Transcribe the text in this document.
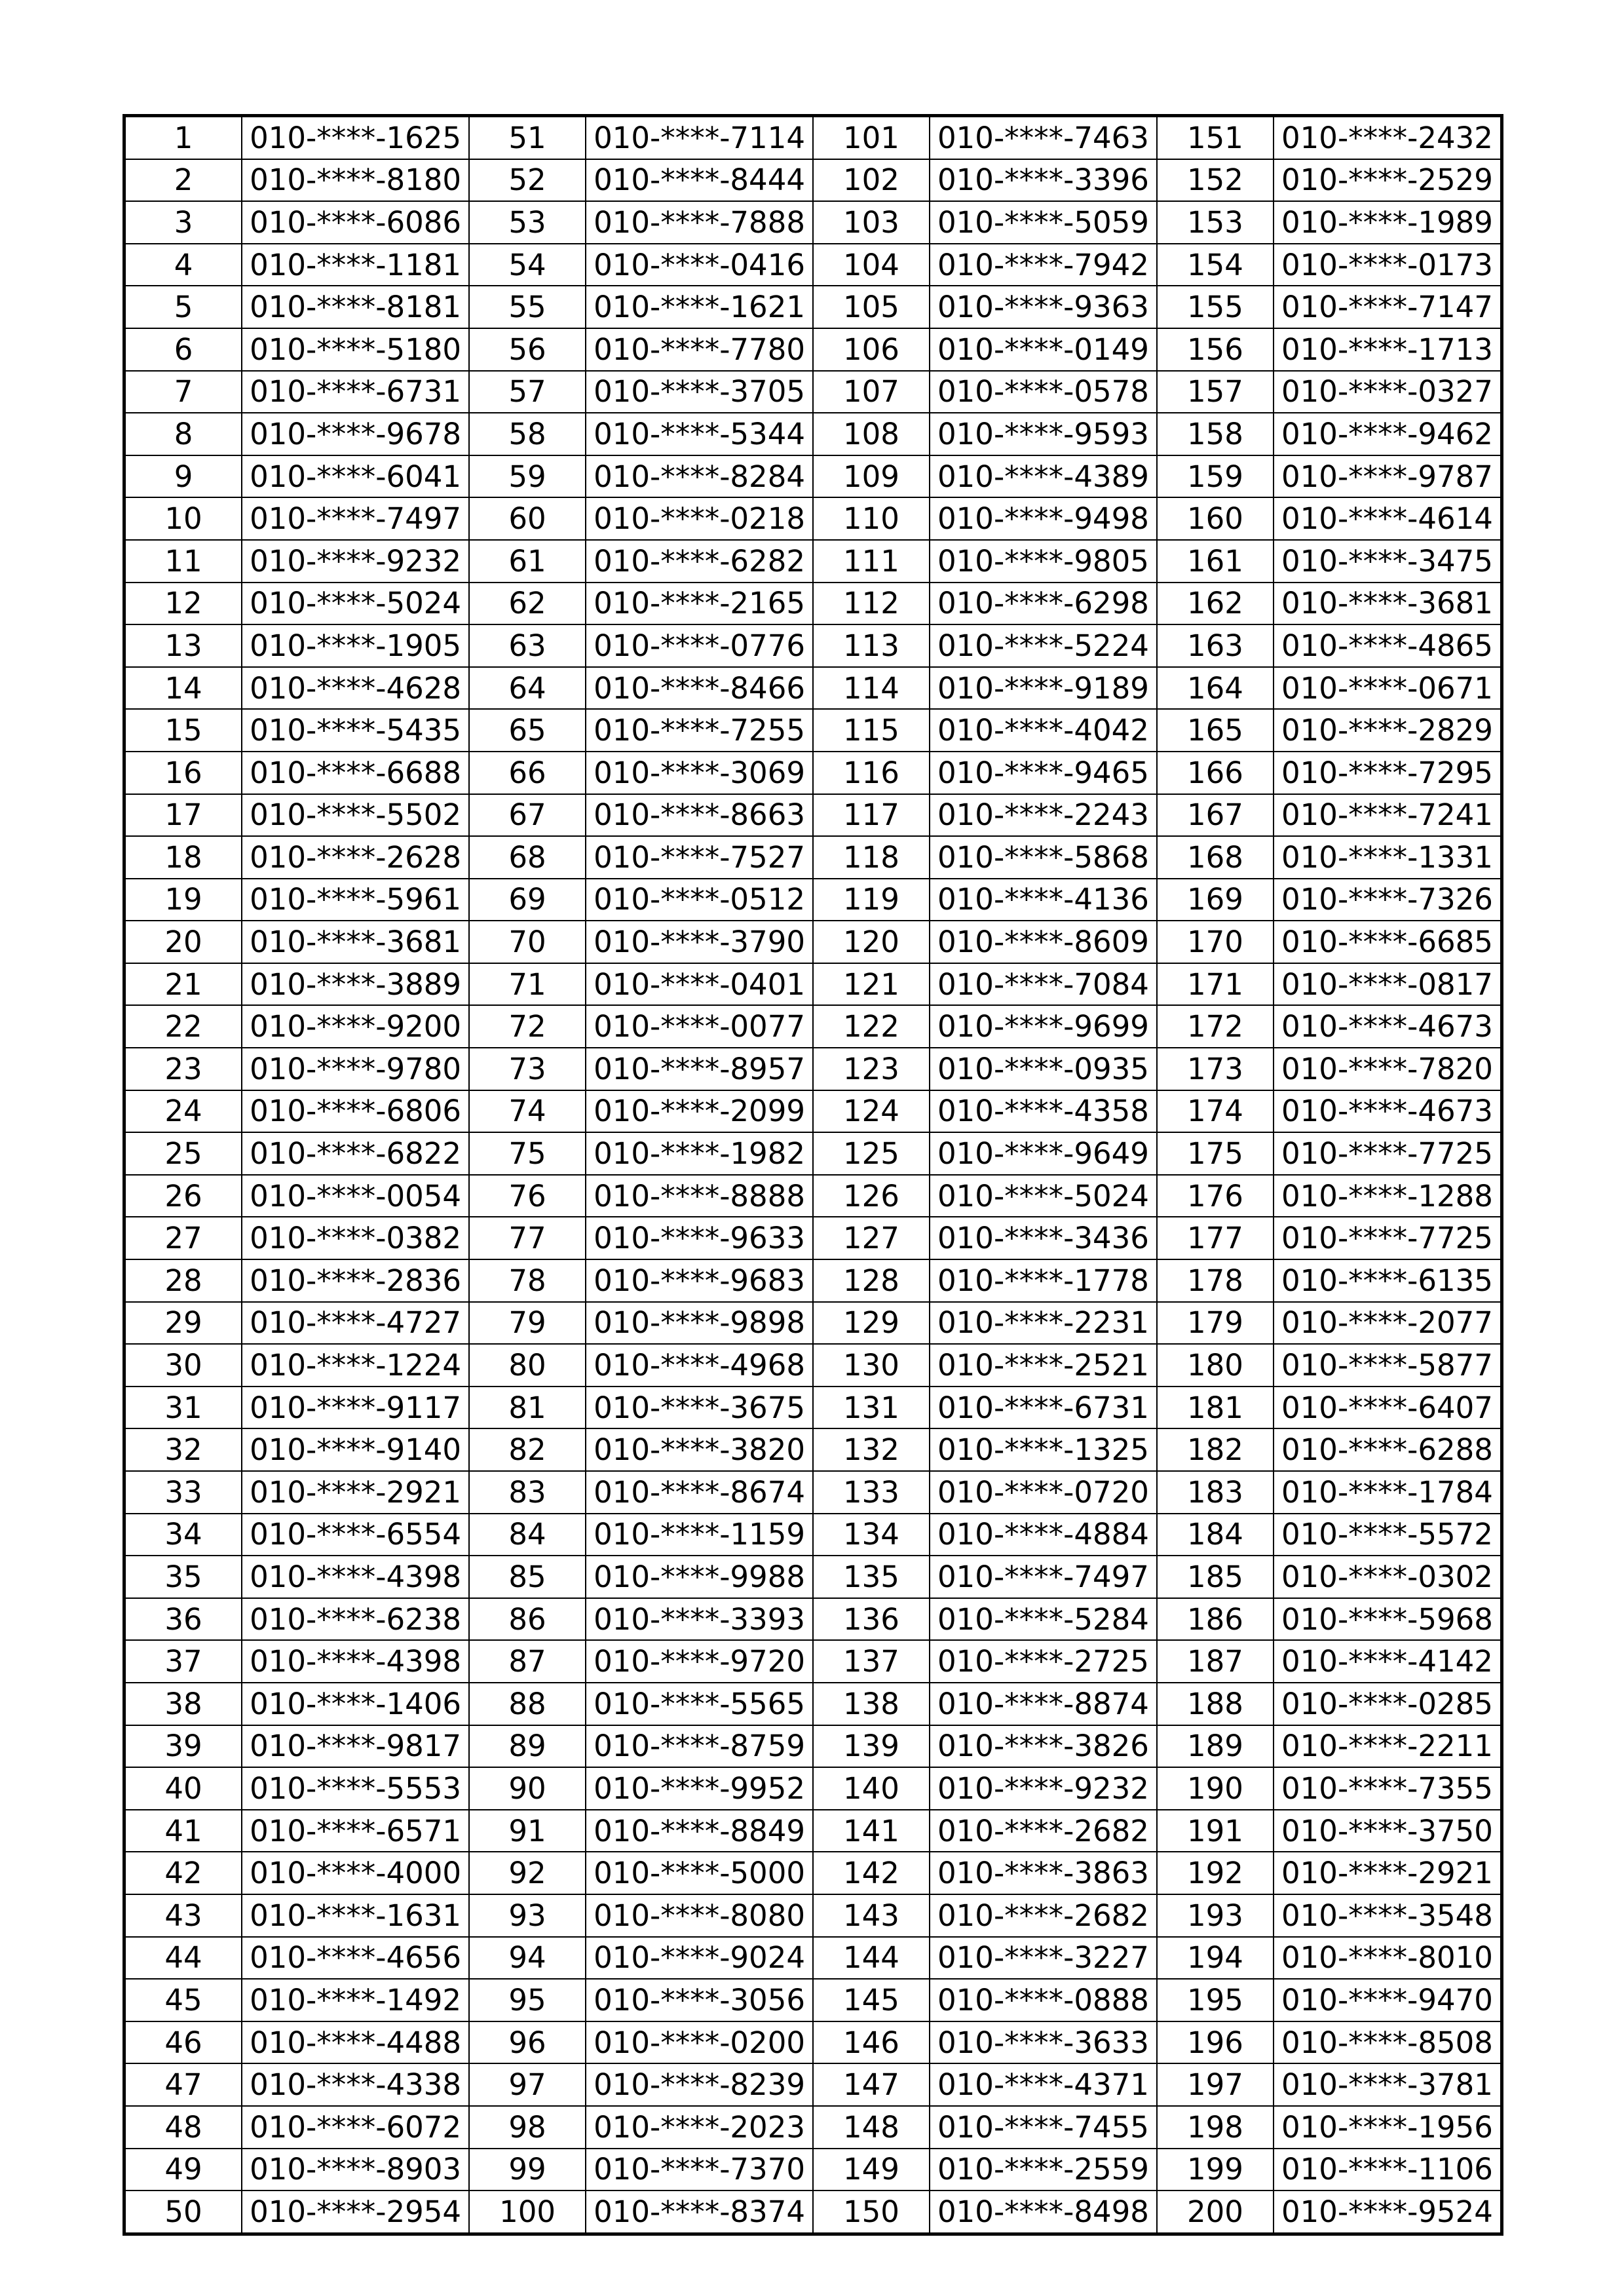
1	010-****-1625	51	010-****-7114	101	010-****-7463	151	010-****-2432
2	010-****-8180	52	010-****-8444	102	010-****-3396	152	010-****-2529
3	010-****-6086	53	010-****-7888	103	010-****-5059	153	010-****-1989
4	010-****-1181	54	010-****-0416	104	010-****-7942	154	010-****-0173
5	010-****-8181	55	010-****-1621	105	010-****-9363	155	010-****-7147
6	010-****-5180	56	010-****-7780	106	010-****-0149	156	010-****-1713
7	010-****-6731	57	010-****-3705	107	010-****-0578	157	010-****-0327
8	010-****-9678	58	010-****-5344	108	010-****-9593	158	010-****-9462
9	010-****-6041	59	010-****-8284	109	010-****-4389	159	010-****-9787
10	010-****-7497	60	010-****-0218	110	010-****-9498	160	010-****-4614
11	010-****-9232	61	010-****-6282	111	010-****-9805	161	010-****-3475
12	010-****-5024	62	010-****-2165	112	010-****-6298	162	010-****-3681
13	010-****-1905	63	010-****-0776	113	010-****-5224	163	010-****-4865
14	010-****-4628	64	010-****-8466	114	010-****-9189	164	010-****-0671
15	010-****-5435	65	010-****-7255	115	010-****-4042	165	010-****-2829
16	010-****-6688	66	010-****-3069	116	010-****-9465	166	010-****-7295
17	010-****-5502	67	010-****-8663	117	010-****-2243	167	010-****-7241
18	010-****-2628	68	010-****-7527	118	010-****-5868	168	010-****-1331
19	010-****-5961	69	010-****-0512	119	010-****-4136	169	010-****-7326
20	010-****-3681	70	010-****-3790	120	010-****-8609	170	010-****-6685
21	010-****-3889	71	010-****-0401	121	010-****-7084	171	010-****-0817
22	010-****-9200	72	010-****-0077	122	010-****-9699	172	010-****-4673
23	010-****-9780	73	010-****-8957	123	010-****-0935	173	010-****-7820
24	010-****-6806	74	010-****-2099	124	010-****-4358	174	010-****-4673
25	010-****-6822	75	010-****-1982	125	010-****-9649	175	010-****-7725
26	010-****-0054	76	010-****-8888	126	010-****-5024	176	010-****-1288
27	010-****-0382	77	010-****-9633	127	010-****-3436	177	010-****-7725
28	010-****-2836	78	010-****-9683	128	010-****-1778	178	010-****-6135
29	010-****-4727	79	010-****-9898	129	010-****-2231	179	010-****-2077
30	010-****-1224	80	010-****-4968	130	010-****-2521	180	010-****-5877
31	010-****-9117	81	010-****-3675	131	010-****-6731	181	010-****-6407
32	010-****-9140	82	010-****-3820	132	010-****-1325	182	010-****-6288
33	010-****-2921	83	010-****-8674	133	010-****-0720	183	010-****-1784
34	010-****-6554	84	010-****-1159	134	010-****-4884	184	010-****-5572
35	010-****-4398	85	010-****-9988	135	010-****-7497	185	010-****-0302
36	010-****-6238	86	010-****-3393	136	010-****-5284	186	010-****-5968
37	010-****-4398	87	010-****-9720	137	010-****-2725	187	010-****-4142
38	010-****-1406	88	010-****-5565	138	010-****-8874	188	010-****-0285
39	010-****-9817	89	010-****-8759	139	010-****-3826	189	010-****-2211
40	010-****-5553	90	010-****-9952	140	010-****-9232	190	010-****-7355
41	010-****-6571	91	010-****-8849	141	010-****-2682	191	010-****-3750
42	010-****-4000	92	010-****-5000	142	010-****-3863	192	010-****-2921
43	010-****-1631	93	010-****-8080	143	010-****-2682	193	010-****-3548
44	010-****-4656	94	010-****-9024	144	010-****-3227	194	010-****-8010
45	010-****-1492	95	010-****-3056	145	010-****-0888	195	010-****-9470
46	010-****-4488	96	010-****-0200	146	010-****-3633	196	010-****-8508
47	010-****-4338	97	010-****-8239	147	010-****-4371	197	010-****-3781
48	010-****-6072	98	010-****-2023	148	010-****-7455	198	010-****-1956
49	010-****-8903	99	010-****-7370	149	010-****-2559	199	010-****-1106
50	010-****-2954	100	010-****-8374	150	010-****-8498	200	010-****-9524
